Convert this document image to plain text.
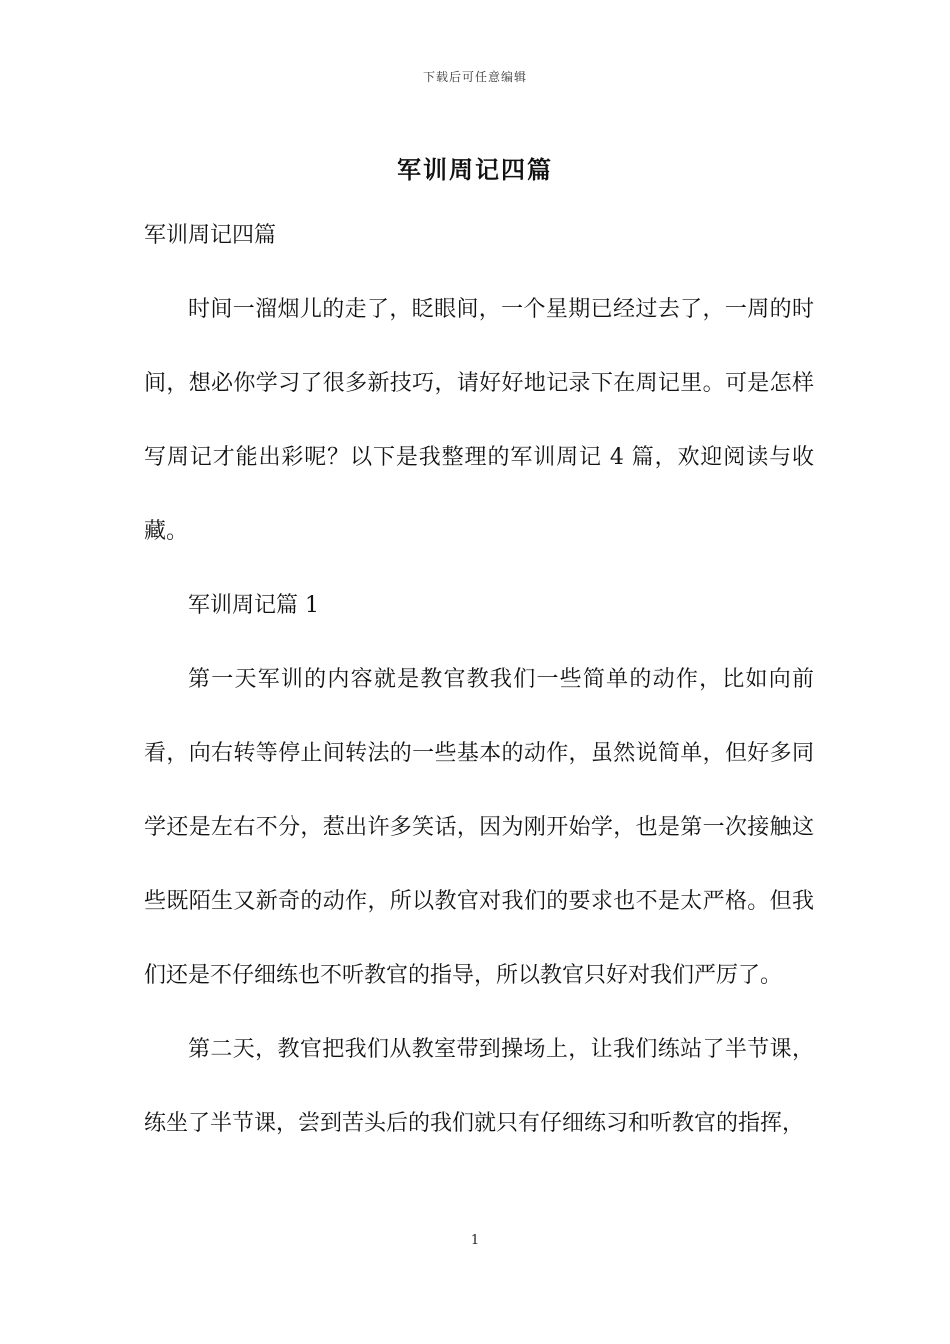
下载后可任意编辑
军训周记四篇

军训周记四篇

时间一溜烟儿的走了，眨眼间，一个星期已经过去了，一周的时间，想必你学习了很多新技巧，请好好地记录下在周记里。可是怎样写周记才能出彩呢？以下是我整理的军训周记 4 篇，欢迎阅读与收藏。

军训周记篇 1

第一天军训的内容就是教官教我们一些简单的动作，比如向前看，向右转等停止间转法的一些基本的动作，虽然说简单，但好多同学还是左右不分，惹出许多笑话，因为刚开始学，也是第一次接触这些既陌生又新奇的动作，所以教官对我们的要求也不是太严格。但我们还是不仔细练也不听教官的指导，所以教官只好对我们严厉了。

第二天，教官把我们从教室带到操场上，让我们练站了半节课，练坐了半节课，尝到苦头后的我们就只有仔细练习和听教官的指挥，

1
